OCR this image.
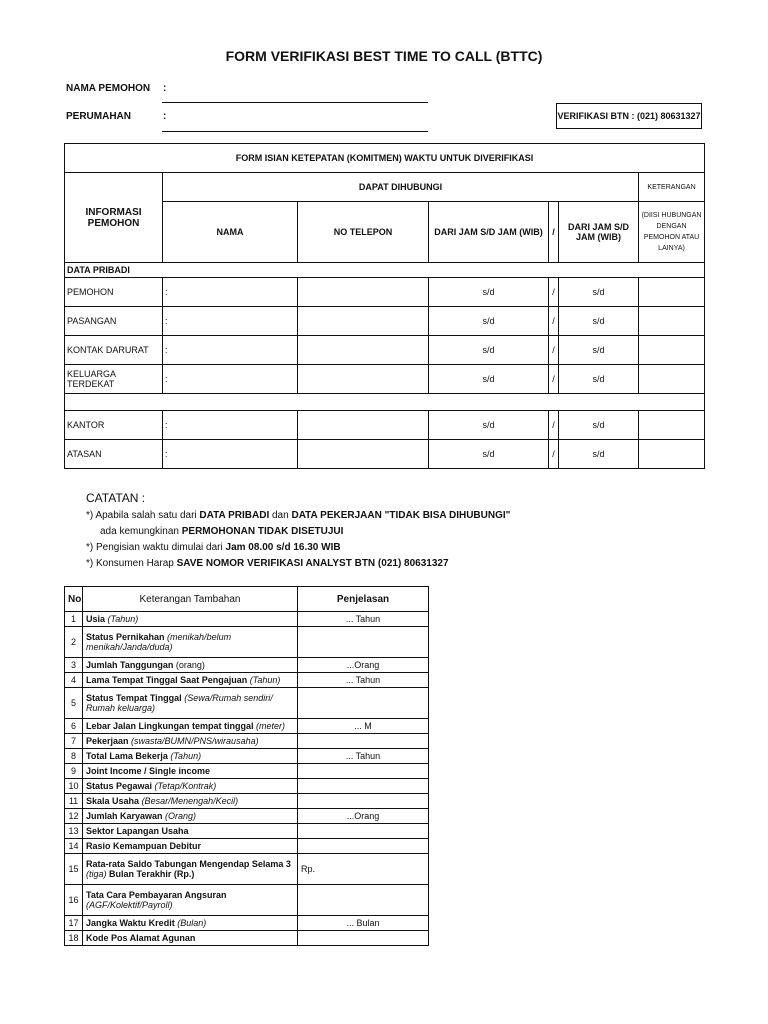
FORM VERIFIKASI BEST TIME TO CALL (BTTC)
NAMA PEMOHON :
PERUMAHAN	:	VERIFIKASI BTN : (021) 80631327
FORM ISIAN KETEPATAN (KOMITMEN) WAKTU UNTUK DIVERIFIKASI						
INFORMASI PEMOHON	DAPAT DIHUBUNGI					KETERANGAN
	NAMA	NO TELEPON	DARI JAM S/D JAM (WIB)	/	DARI JAM S/D JAM (WIB)	(DIISI HUBUNGAN DENGAN PEMOHON ATAU LAINYA)
DATA PRIBADI						
PEMOHON	:		s/d	/	s/d	
PASANGAN	:		s/d	/	s/d	
KONTAK DARURAT	:		s/d	/	s/d	
KELUARGA TERDEKAT	:		s/d	/	s/d	

KANTOR	:		s/d	/	s/d	
ATASAN	:		s/d	/	s/d	
CATATAN :
*) Apabila salah satu dari DATA PRIBADI dan DATA PEKERJAAN "TIDAK BISA DIHUBUNGI"
ada kemungkinan PERMOHONAN TIDAK DISETUJUI
*) Pengisian waktu dimulai dari Jam 08.00 s/d 16.30 WIB
*) Konsumen Harap SAVE NOMOR VERIFIKASI ANALYST BTN (021) 80631327
No	Keterangan Tambahan	Penjelasan
1	Usia (Tahun)	... Tahun
2	Status Pernikahan (menikah/belum menikah/Janda/duda)	
3	Jumlah Tanggungan (orang)	...Orang
4	Lama Tempat Tinggal Saat Pengajuan (Tahun)	... Tahun
5	Status Tempat Tinggal (Sewa/Rumah sendiri/ Rumah keluarga)	
6	Lebar Jalan Lingkungan tempat tinggal (meter)	... M
7	Pekerjaan (swasta/BUMN/PNS/wirausaha)	
8	Total Lama Bekerja (Tahun)	... Tahun
9	Joint Income / Single income	
10	Status Pegawai (Tetap/Kontrak)	
11	Skala Usaha (Besar/Menengah/Kecil)	
12	Jumlah Karyawan (Orang)	...Orang
13	Sektor Lapangan Usaha	
14	Rasio Kemampuan Debitur	
15	Rata-rata Saldo Tabungan Mengendap Selama 3 (tiga) Bulan Terakhir (Rp.)	Rp.
16	Tata Cara Pembayaran Angsuran (AGF/Kolektif/Payroll)	
17	Jangka Waktu Kredit (Bulan)	... Bulan
18	Kode Pos Alamat Agunan	
